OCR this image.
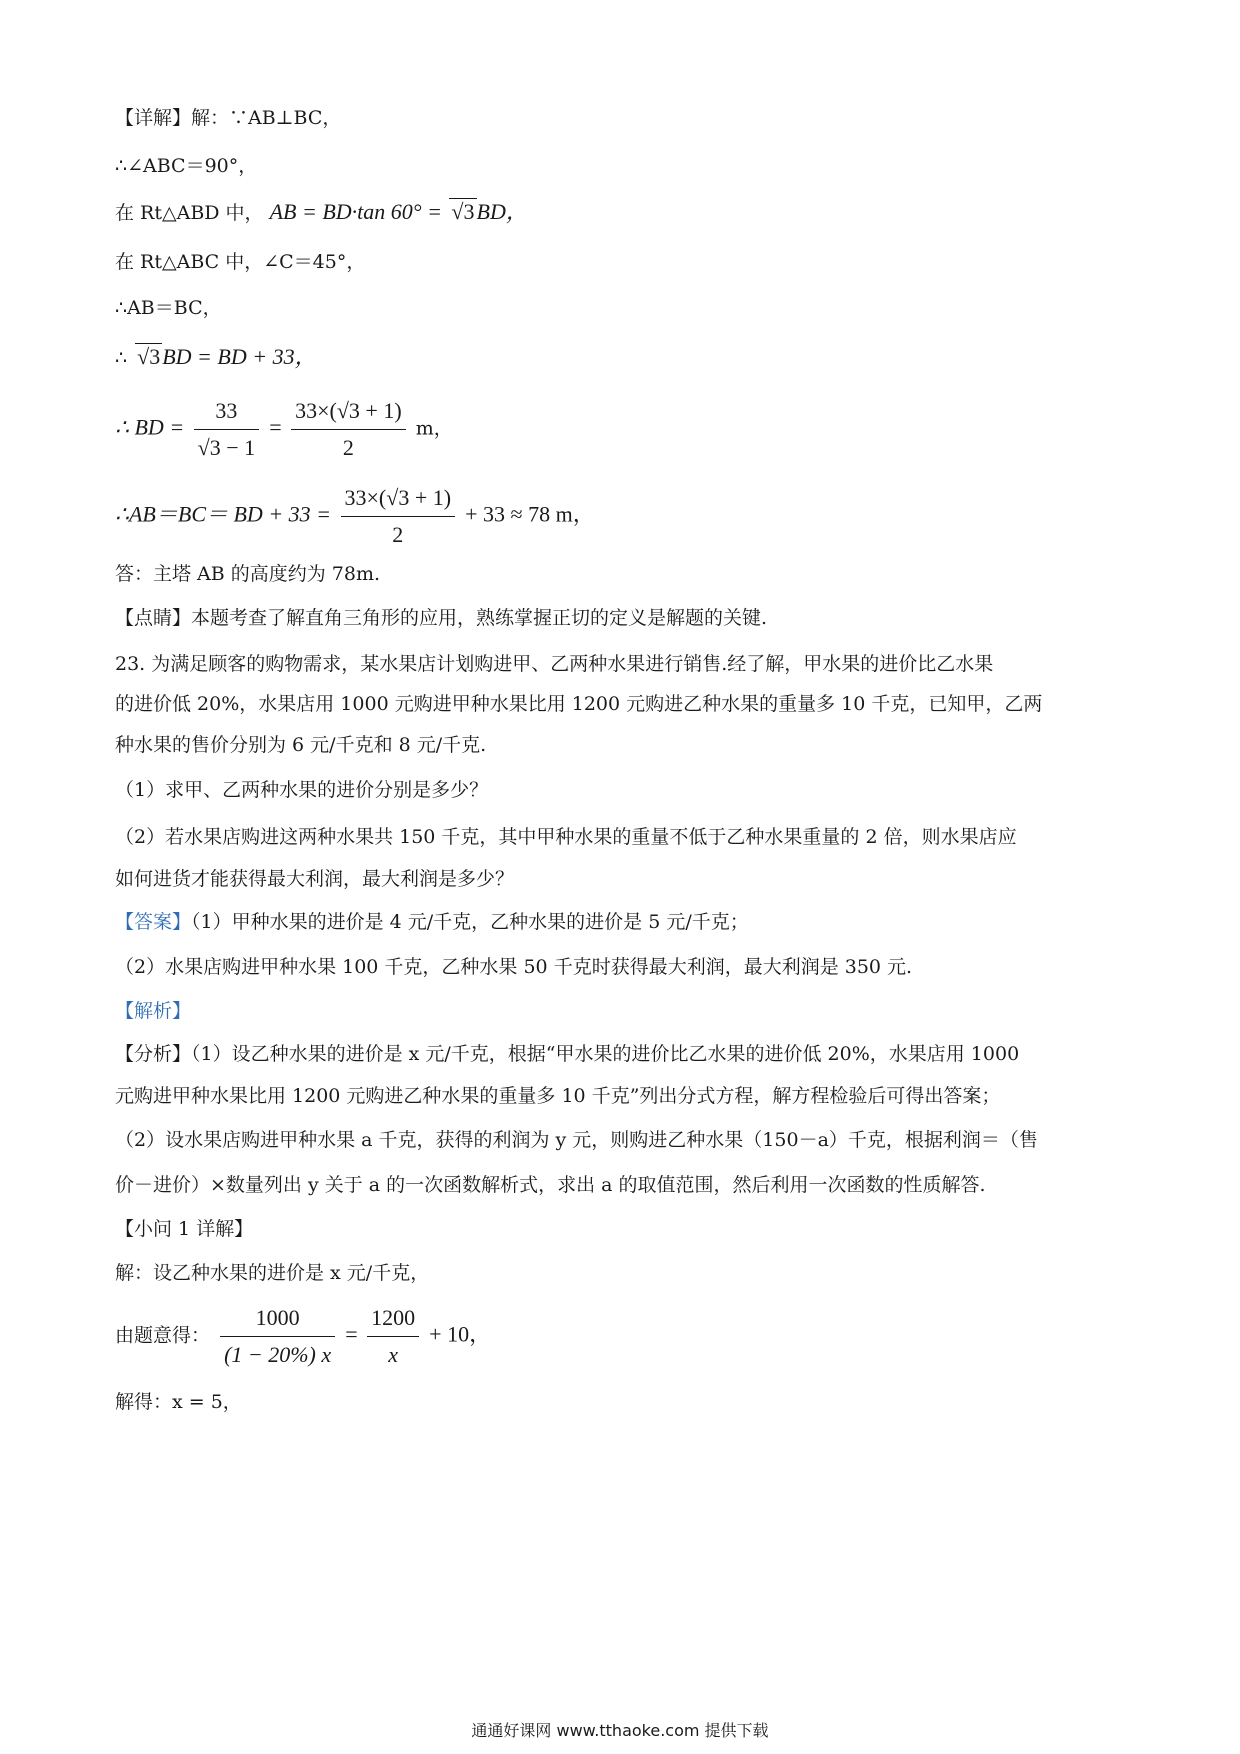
【详解】解：∵AB⊥BC，
∴∠ABC＝90°，
在 Rt△ABD 中， AB = BD·tan 60° = √3BD，
在 Rt△ABC 中，∠C＝45°，
∴AB＝BC，
∴ √3BD = BD + 33，
∴ BD = $\frac{33}{√3 - 1} = \frac{33\times(√3 + 1)}{2}$ m，
∴AB＝BC＝ BD + $33 = \frac{33\times(√3 + 1)}{2} + 33 \approx 78$ m，
答：主塔 AB 的高度约为 78m.
【点睛】本题考查了解直角三角形的应用，熟练掌握正切的定义是解题的关键.
23. 为满足顾客的购物需求，某水果店计划购进甲、乙两种水果进行销售.经了解，甲水果的进价比乙水果
的进价低 20%，水果店用 1000 元购进甲种水果比用 1200 元购进乙种水果的重量多 10 千克，已知甲，乙两
种水果的售价分别为 6 元/千克和 8 元/千克.
（1）求甲、乙两种水果的进价分别是多少？
（2）若水果店购进这两种水果共 150 千克，其中甲种水果的重量不低于乙种水果重量的 2 倍，则水果店应
如何进货才能获得最大利润，最大利润是多少？
【答案】（1）甲种水果的进价是 4 元/千克，乙种水果的进价是 5 元/千克；
（2）水果店购进甲种水果 100 千克，乙种水果 50 千克时获得最大利润，最大利润是 350 元.
【解析】
【分析】（1）设乙种水果的进价是 x 元/千克，根据“甲水果的进价比乙水果的进价低 20%，水果店用 1000
元购进甲种水果比用 1200 元购进乙种水果的重量多 10 千克”列出分式方程，解方程检验后可得出答案；
（2）设水果店购进甲种水果 a 千克，获得的利润为 y 元，则购进乙种水果（150－a）千克，根据利润＝（售
价－进价）×数量列出 y 关于 a 的一次函数解析式，求出 a 的取值范围，然后利用一次函数的性质解答.
【小问 1 详解】
解：设乙种水果的进价是 x 元/千克，
由题意得： $\frac{1000}{(1 - 20\%) x} = \frac{1200}{x} + 10$，
解得：x = 5，
通通好课网 www.tthaoke.com 提供下载
